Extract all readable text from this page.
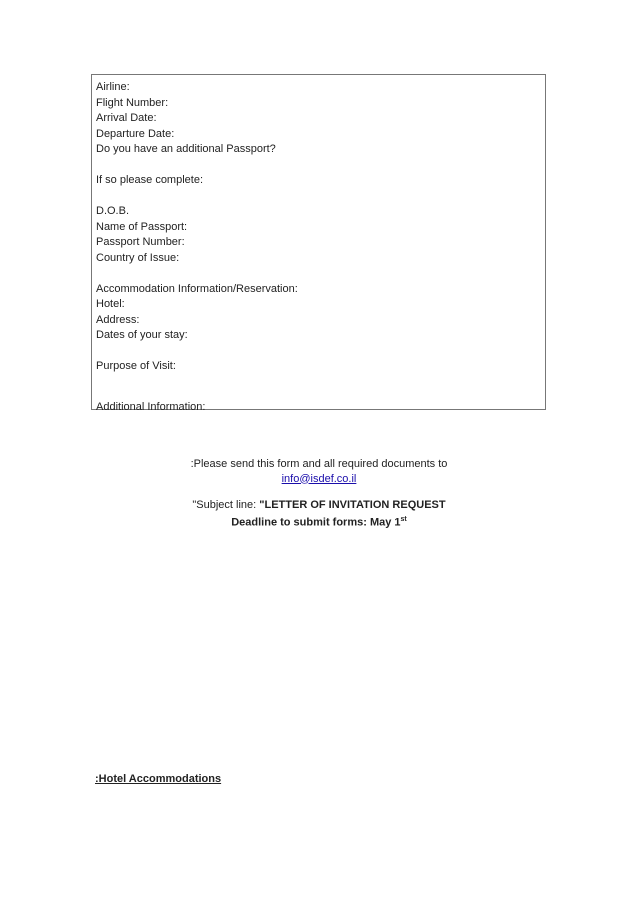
Airline:
Flight Number:
Arrival Date:
Departure Date:
Do you have an additional Passport?
If so please complete:
D.O.B.
Name of Passport:
Passport Number:
Country of Issue:
Accommodation Information/Reservation:
Hotel:
Address:
Dates of your stay:
Purpose of Visit:
Additional Information:
:Please send this form and all required documents to
info@isdef.co.il
"Subject line: "LETTER OF INVITATION REQUEST
Deadline to submit forms: May 1st
:Hotel Accommodations
